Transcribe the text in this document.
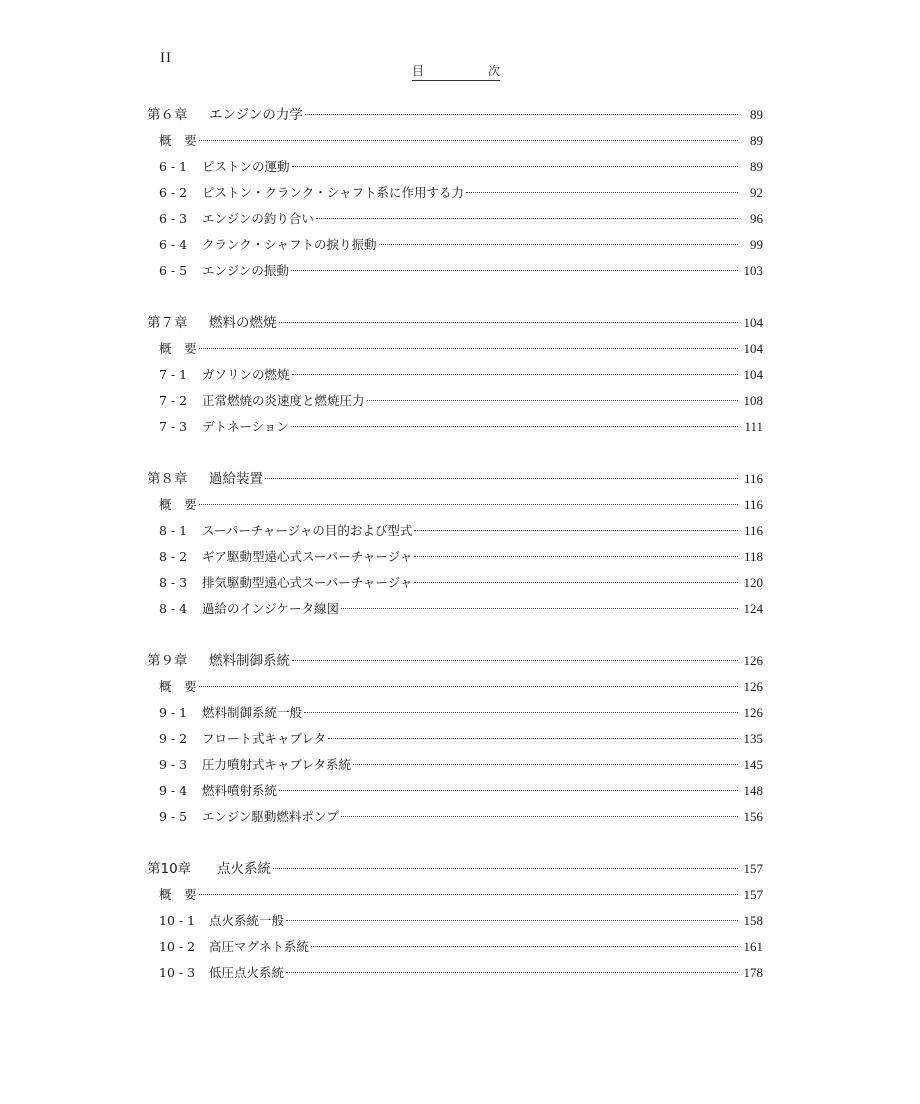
II
目	次
第６章	エンジンの力学	89
概　要	89
6 - 1	ピストンの運動	89
6 - 2	ピストン・クランク・シャフト系に作用する力	92
6 - 3	エンジンの釣り合い	96
6 - 4	クランク・シャフトの捩り振動	99
6 - 5	エンジンの振動	103
第７章	燃料の燃焼	104
概　要	104
7 - 1	ガソリンの燃焼	104
7 - 2	正常燃焼の炎速度と燃焼圧力	108
7 - 3	デトネーション	111
第８章	過給装置	116
概　要	116
8 - 1	スーパーチャージャの目的および型式	116
8 - 2	ギア駆動型遠心式スーパーチャージャ	118
8 - 3	排気駆動型遠心式スーパーチャージャ	120
8 - 4	過給のインジケータ線図	124
第９章	燃料制御系統	126
概　要	126
9 - 1	燃料制御系統一般	126
9 - 2	フロート式キャブレタ	135
9 - 3	圧力噴射式キャブレタ系統	145
9 - 4	燃料噴射系統	148
9 - 5	エンジン駆動燃料ポンプ	156
第10章	点火系統	157
概　要	157
10 - 1	点火系統一般	158
10 - 2	高圧マグネト系統	161
10 - 3	低圧点火系統	178
